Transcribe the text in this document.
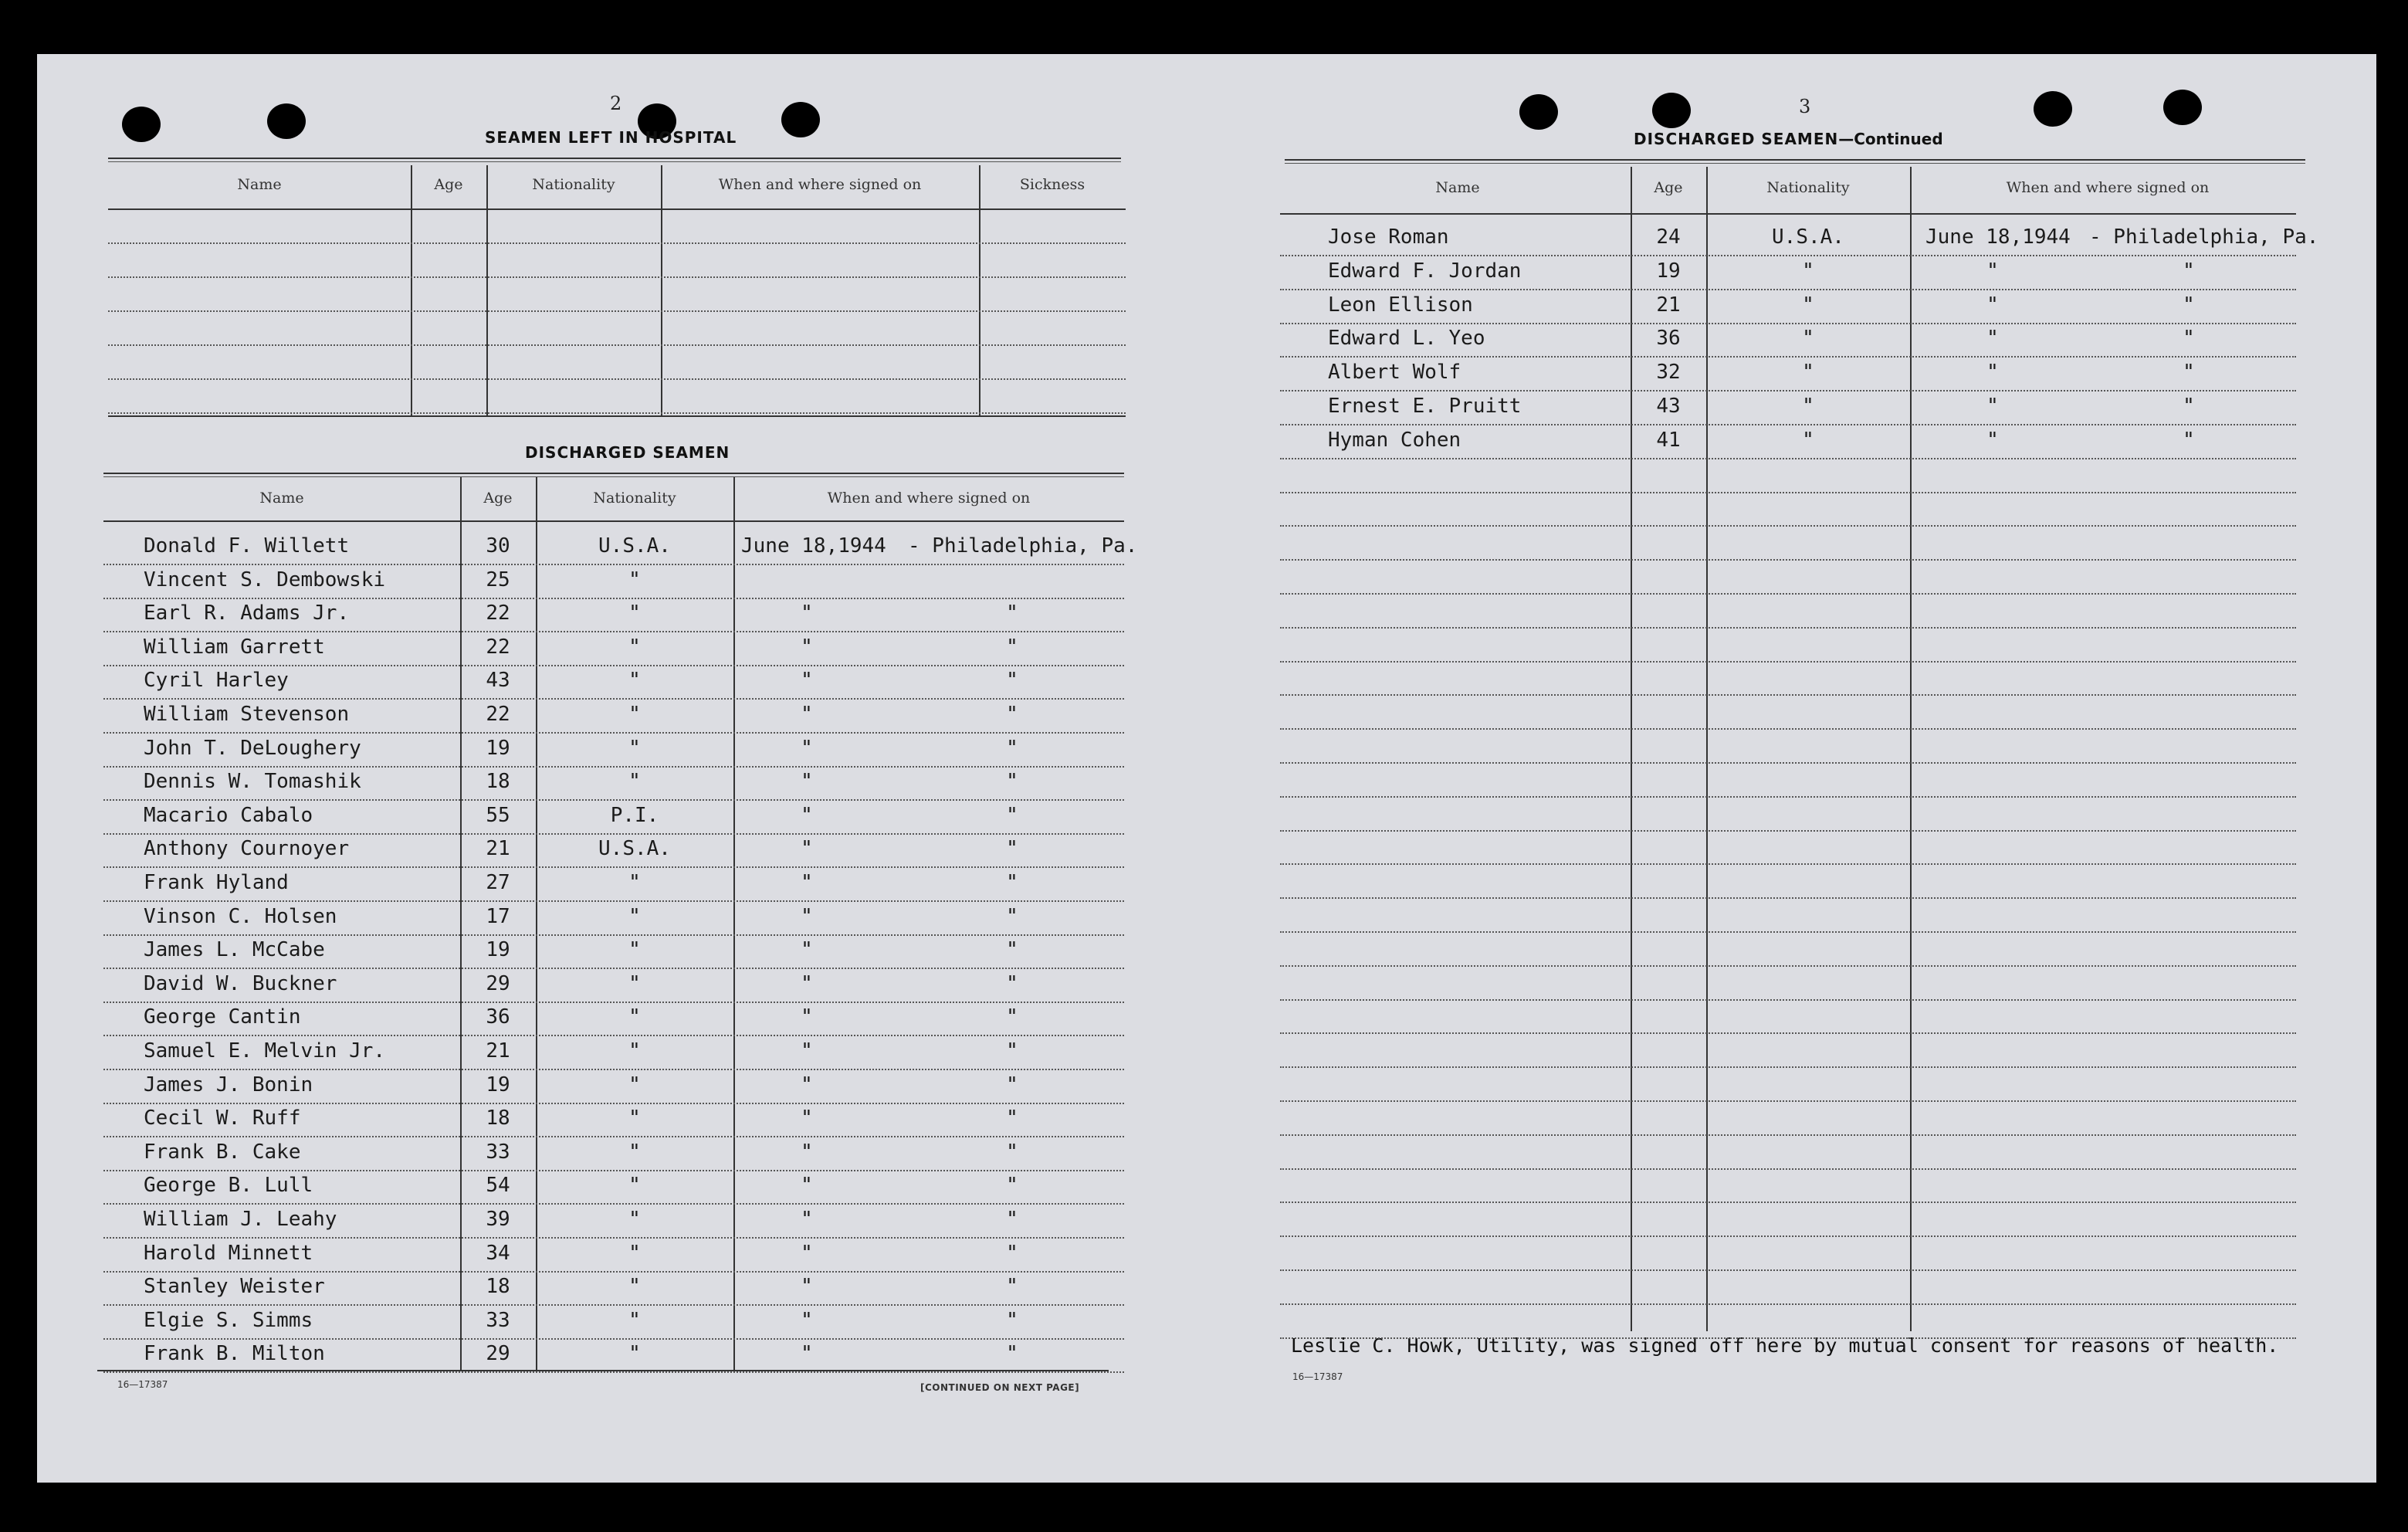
2
SEAMEN LEFT IN HOSPITAL
DISCHARGED SEAMEN
16—17387	[CONTINUED ON NEXT PAGE]
3
DISCHARGED SEAMEN—Continued
Leslie C. Howk, Utility, was signed off here by mutual consent for reasons of health.
16—17387
Name	Age	Nationality	When and where signed on	Sickness
Name	Age	Nationality	When and where signed on
Donald F. Willett	30	U.S.A.	June 18,1944 - Philadelphia, Pa.
Vincent S. Dembowski	25	"
Earl R. Adams Jr.	22	"	"	"
William Garrett	22	"	"	"
Cyril Harley	43	"	"	"
William Stevenson	22	"	"	"
John T. DeLoughery	19	"	"	"
Dennis W. Tomashik	18	"	"	"
Macario Cabalo	55	P.I.	"	"
Anthony Cournoyer	21	U.S.A.	"	"
Frank Hyland	27	"	"	"
Vinson C. Holsen	17	"	"	"
James L. McCabe	19	"	"	"
David W. Buckner	29	"	"	"
George Cantin	36	"	"	"
Samuel E. Melvin Jr.	21	"	"	"
James J. Bonin	19	"	"	"
Cecil W. Ruff	18	"	"	"
Frank B. Cake	33	"	"	"
George B. Lull	54	"	"	"
William J. Leahy	39	"	"	"
Harold Minnett	34	"	"	"
Stanley Weister	18	"	"	"
Elgie S. Simms	33	"	"	"
Frank B. Milton	29	"	"	"
Name	Age	Nationality	When and where signed on
Jose Roman	24	U.S.A.	June 18,1944 - Philadelphia, Pa.
Edward F. Jordan	19	"	"	"
Leon Ellison	21	"	"	"
Edward L. Yeo	36	"	"	"
Albert Wolf	32	"	"	"
Ernest E. Pruitt	43	"	"	"
Hyman Cohen	41	"	"	"
